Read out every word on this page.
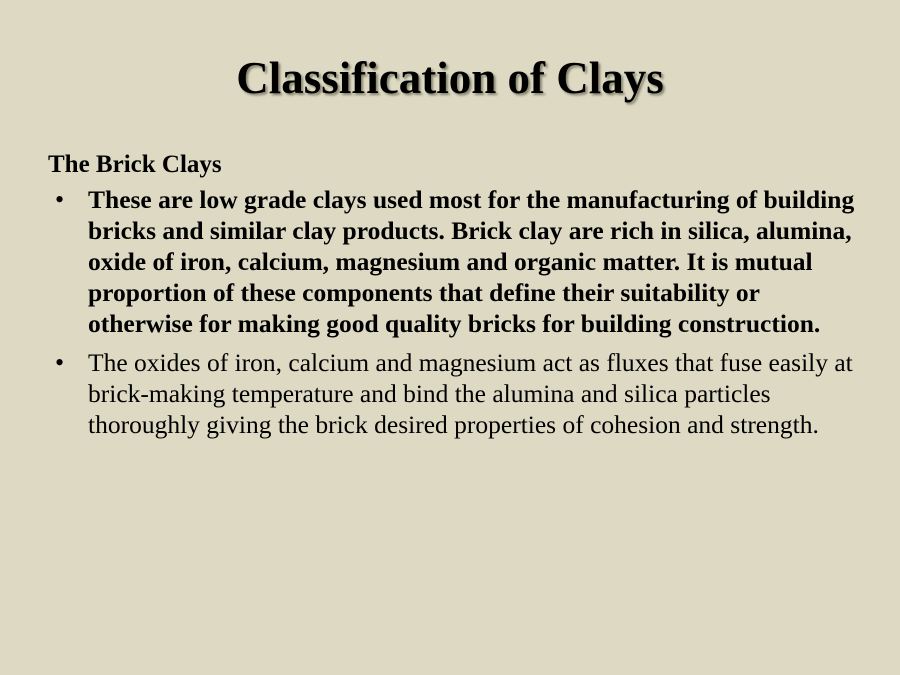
Classification of Clays
The Brick Clays
• These are low grade clays used most for the manufacturing of building bricks and similar clay products. Brick clay are rich in silica, alumina, oxide of iron, calcium, magnesium and organic matter. It is mutual proportion of these components that define their suitability or otherwise for making good quality bricks for building construction.
• The oxides of iron, calcium and magnesium act as fluxes that fuse easily at brick-making temperature and bind the alumina and silica particles thoroughly giving the brick desired properties of cohesion and strength.
